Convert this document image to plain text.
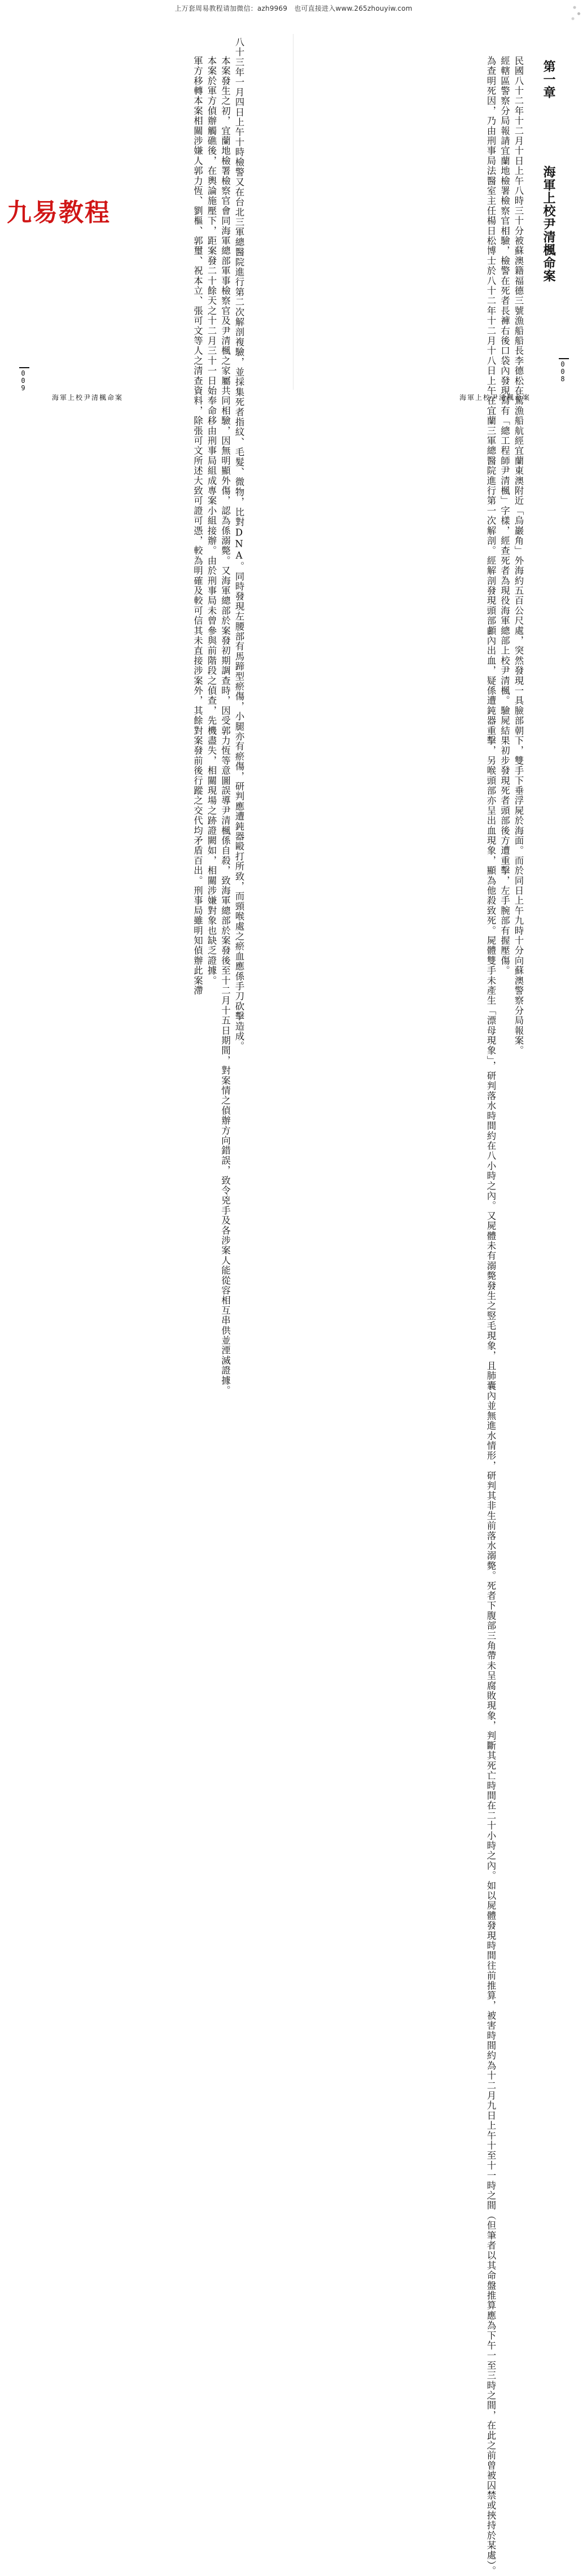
上万套周易教程请加微信：azh9969　也可直接进入www.265zhouyiw.com
第一章
海軍上校尹清楓命案

民國八十二年十二月十日上午八時三十分被蘇澳籍福德三號漁船船長李德松在駕漁船航經宜蘭東澳附近「烏巖角」外海約五百公尺處，突然發現一具臉部朝下，雙手下垂浮屍於海面。而於同日上午九時十分向蘇澳警察分局報案。

經轄區警察分局報請宜蘭地檢署檢察官相驗，檢警在死者長褲右後口袋內發現寫有「總工程師尹清楓」字樣，經查死者為現役海軍總部上校尹清楓。驗屍結果初步發現死者頭部後方遭重擊，左手腕部有握壓傷。

為查明死因，乃由刑事局法醫室主任楊日松博士於八十二年十二月十八日上午在宜蘭三軍總醫院進行第一次解剖。經解剖發現頭部顱內出血，疑係遭鈍器重擊，另喉頭部亦呈出血現象，顯為他殺致死。屍體雙手未產生「漂母現象」，研判落水時間約在八小時之內。又屍體未有溺斃發生之竪毛現象，且肺囊內並無進水情形，研判其非生前落水溺斃。死者下腹部三角帶未呈腐敗現象，判斷其死亡時間在二十小時之內。如以屍體發現時間往前推算，被害時間約為十二月九日上午十至十一時之間（但筆者以其命盤推算應為下午一至三時之間，在此之前曾被囚禁或挾持於某處）。	008
海軍上校尹清楓命案

八十三年一月四日上午十時檢警又在台北三軍總醫院進行第二次解剖複驗，並採集死者指紋、毛髮、微物，比對DNA。同時發現左腰部有馬蹄型瘀傷，小腿亦有瘀傷，研判應遭鈍器毆打所致，而頸喉處之瘀血應係手刀砍擊造成。

本案發生之初，宜蘭地檢署檢察官會同海軍總部軍事檢察官及尹清楓之家屬共同相驗，因無明顯外傷，認為係溺斃。又海軍總部於案發初期調查時，因受郭力恆等意圖誤導尹清楓係自殺，致海軍總部於案發後至十二月十五日期間，對案情之偵辦方向錯誤，致令兇手及各涉案人能從容相互串供並湮滅證據。

本案於軍方偵辦觸礁後，在輿論施壓下，距案發二十餘天之十二月三十一日始奉命移由刑事局組成專案小組接辦。由於刑事局未曾參與前階段之偵查，先機盡失，相關現場之跡證闕如，相關涉嫌對象也缺乏證據。

軍方移轉本案相關涉嫌人郭力恆、劉樞、郭璽、祝本立、張可文等人之清查資料，除張可文所述大致可證可憑，較為明確及較可信其未直接涉案外，其餘對案發前後行蹤之交代均矛盾百出。刑事局雖明知偵辦此案滯

009
海軍上校尹清楓命案
九易教程
